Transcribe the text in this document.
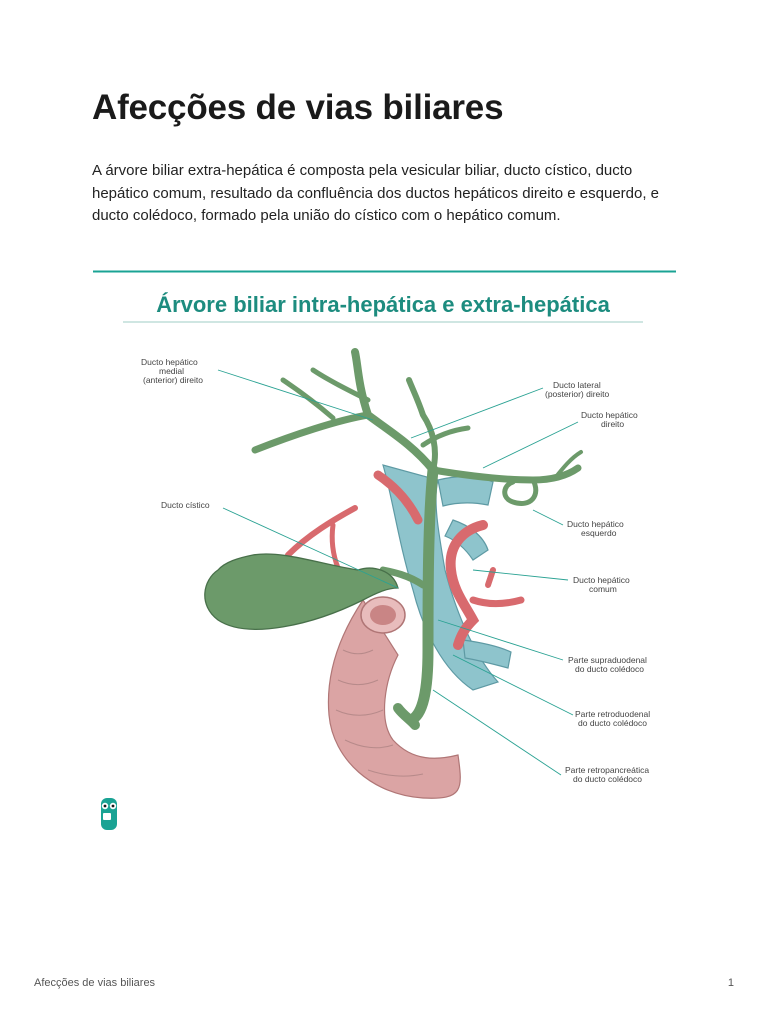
Afecções de vias biliares

A árvore biliar extra-hepática é composta pela vesicular biliar, ducto cístico, ducto hepático comum, resultado da confluência dos ductos hepáticos direito e esquerdo, e ducto colédoco, formado pela união do cístico com o hepático comum.

Árvore biliar intra-hepática e extra-hepática
Ducto hepático
medial
(anterior) direito
Ducto cístico
Ducto lateral
(posterior) direito
Ducto hepático
direito
Ducto hepático
esquerdo
Ducto hepático
comum
Parte supraduodenal
do ducto colédoco
Parte retroduodenal
do ducto colédoco
Parte retropancreática
do ducto colédoco
Afecções de vias biliares	1
